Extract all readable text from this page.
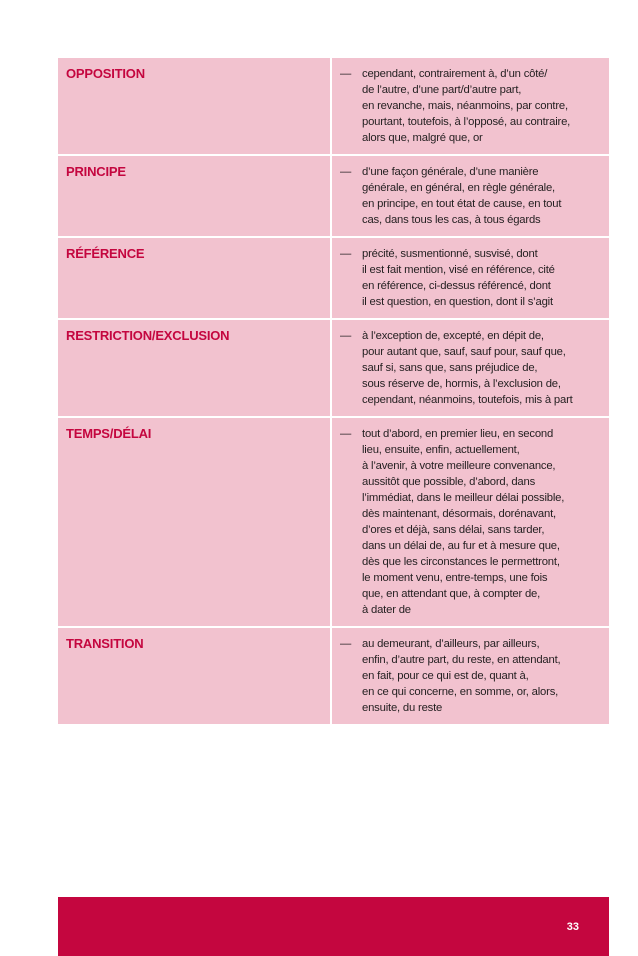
OPPOSITION	— cependant, contrairement à, d’un côté/
de l’autre, d’une part/d’autre part,
en revanche, mais, néanmoins, par contre,
pourtant, toutefois, à l’opposé, au contraire,
alors que, malgré que, or
PRINCIPE	— d’une façon générale, d’une manière
générale, en général, en règle générale,
en principe, en tout état de cause, en tout
cas, dans tous les cas, à tous égards
RÉFÉRENCE	— précité, susmentionné, susvisé, dont
il est fait mention, visé en référence, cité
en référence, ci-dessus référencé, dont
il est question, en question, dont il s’agit
RESTRICTION/EXCLUSION	— à l’exception de, excepté, en dépit de,
pour autant que, sauf, sauf pour, sauf que,
sauf si, sans que, sans préjudice de,
sous réserve de, hormis, à l’exclusion de,
cependant, néanmoins, toutefois, mis à part
TEMPS/DÉLAI	— tout d’abord, en premier lieu, en second
lieu, ensuite, enfin, actuellement,
à l’avenir, à votre meilleure convenance,
aussitôt que possible, d’abord, dans
l’immédiat, dans le meilleur délai possible,
dès maintenant, désormais, dorénavant,
d’ores et déjà, sans délai, sans tarder,
dans un délai de, au fur et à mesure que,
dès que les circonstances le permettront,
le moment venu, entre-temps, une fois
que, en attendant que, à compter de,
à dater de
TRANSITION	— au demeurant, d’ailleurs, par ailleurs,
enfin, d’autre part, du reste, en attendant,
en fait, pour ce qui est de, quant à,
en ce qui concerne, en somme, or, alors,
ensuite, du reste
33
